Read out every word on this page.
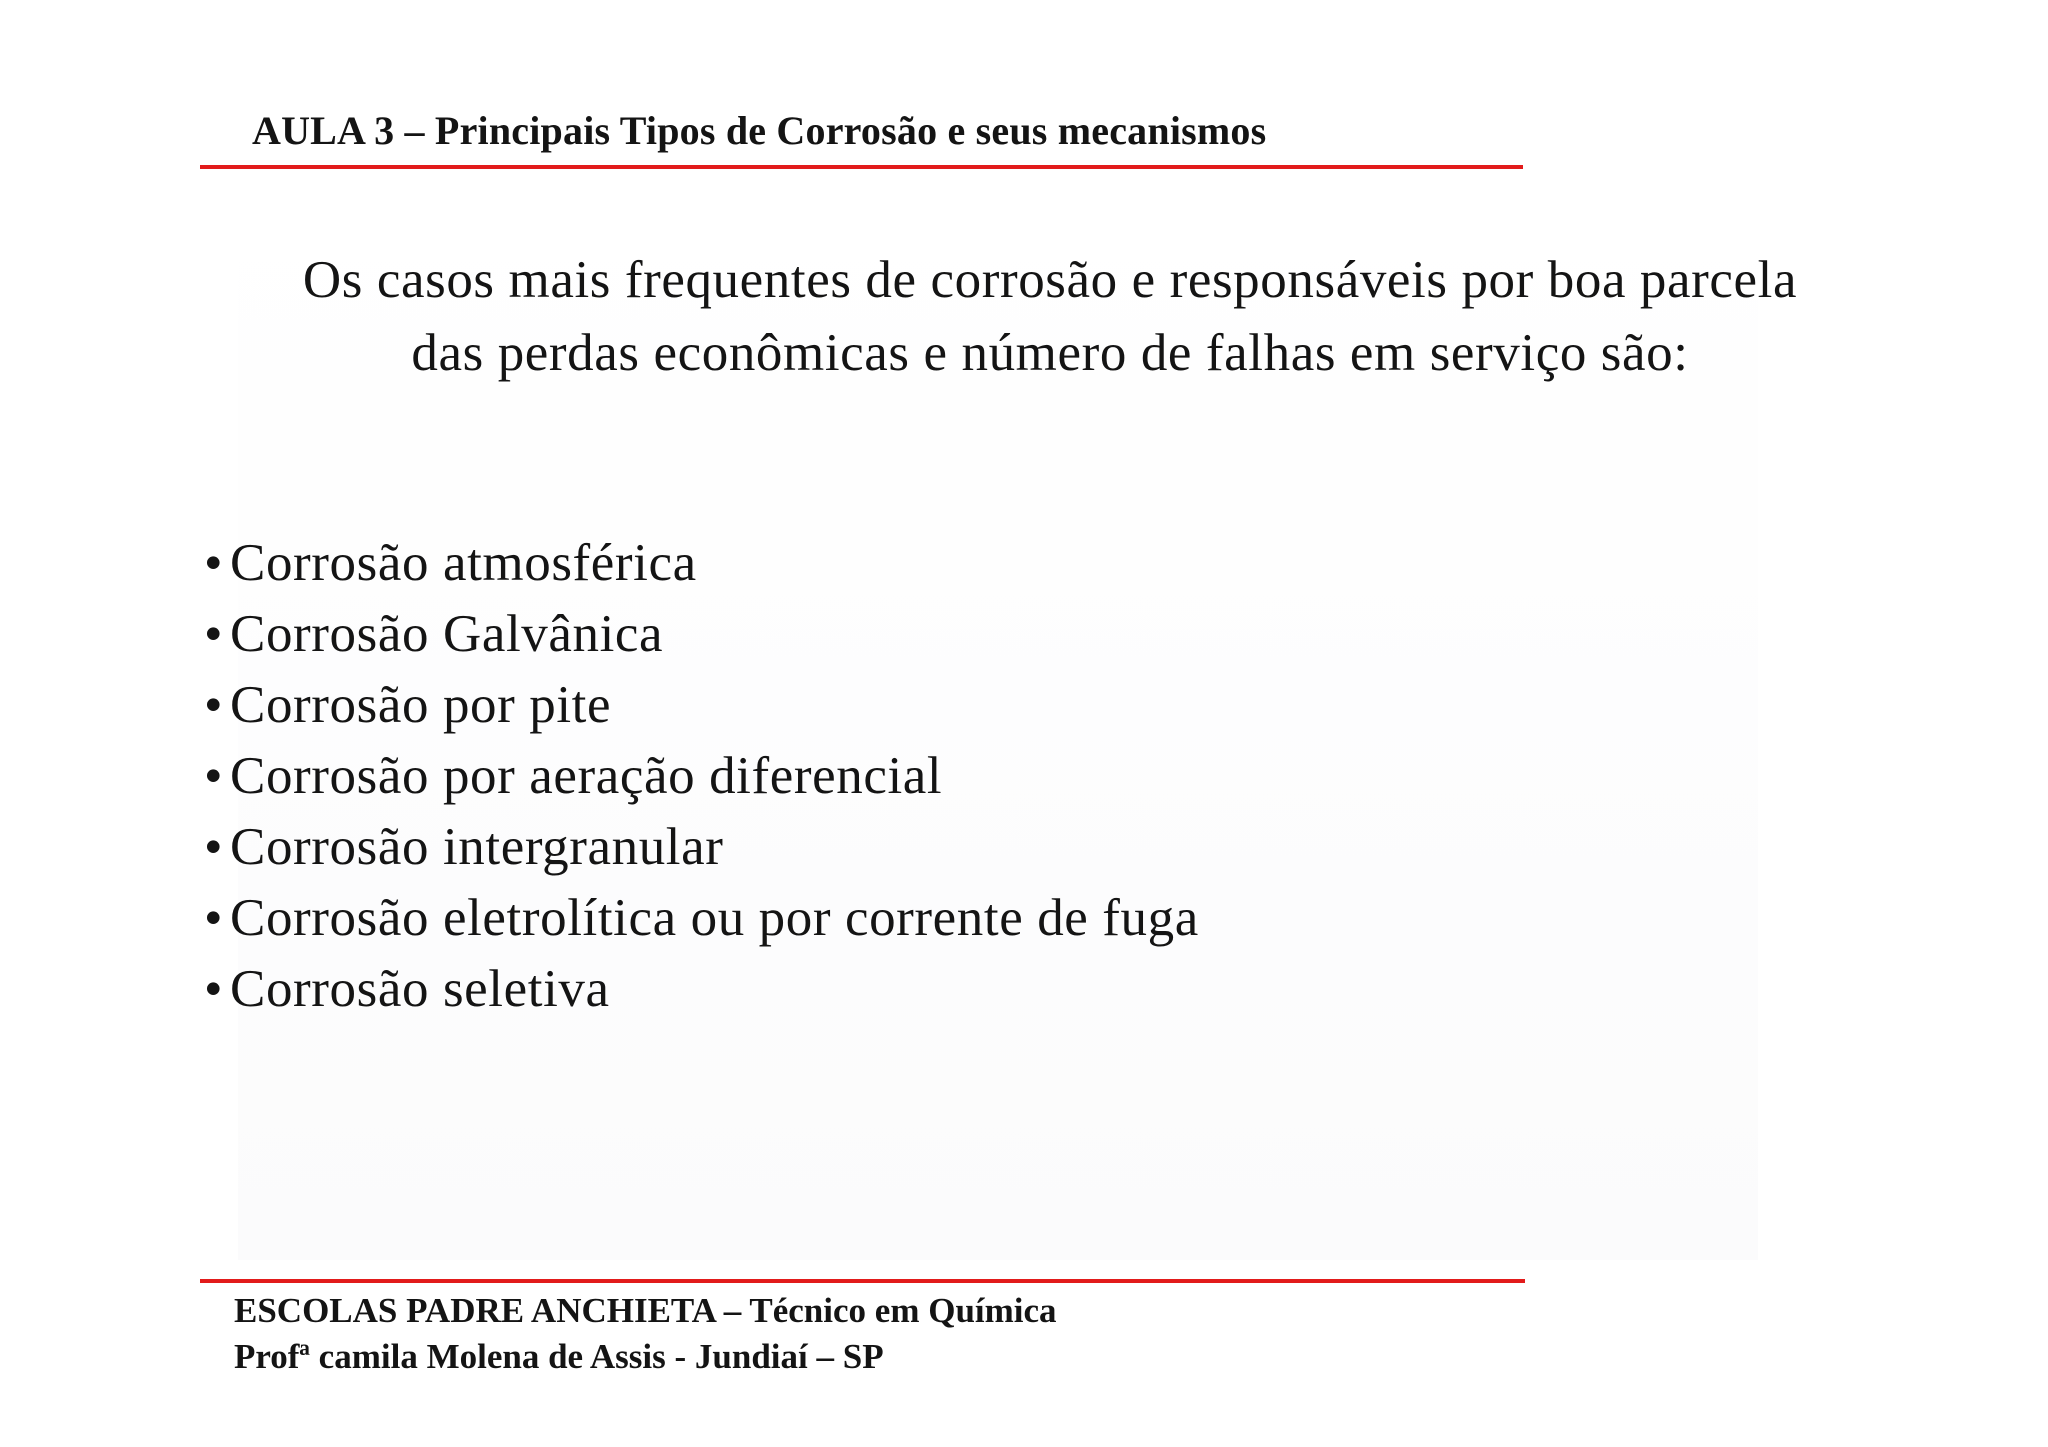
AULA 3 – Principais Tipos de Corrosão e seus mecanismos
Os casos mais frequentes de corrosão e responsáveis por boa parcela
das perdas econômicas e número de falhas em serviço são:
• Corrosão atmosférica
• Corrosão Galvânica
• Corrosão por pite
• Corrosão por aeração diferencial
• Corrosão intergranular
• Corrosão eletrolítica ou por corrente de fuga
• Corrosão seletiva
ESCOLAS PADRE ANCHIETA – Técnico em Química
Profª camila Molena de Assis - Jundiaí – SP
